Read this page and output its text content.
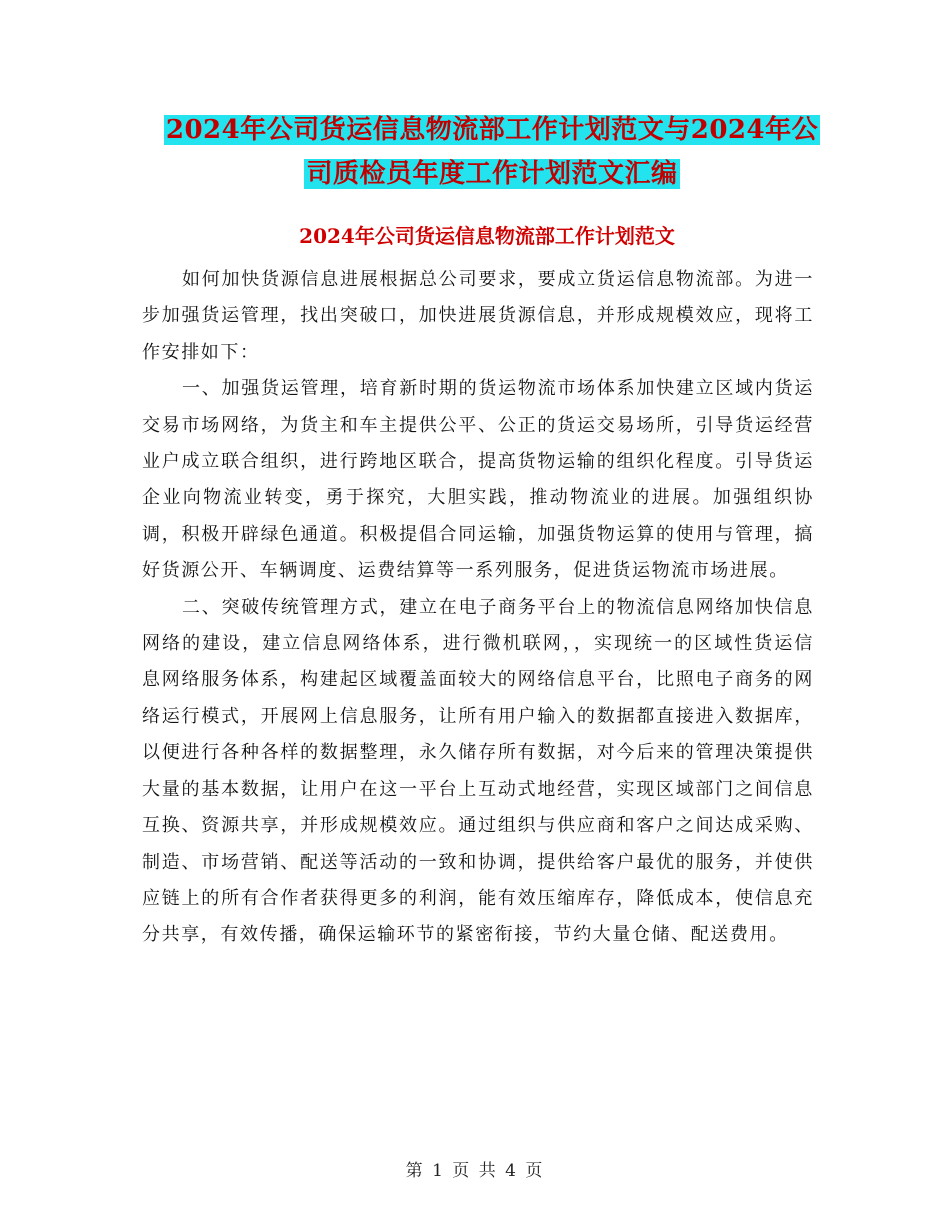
2024年公司货运信息物流部工作计划范文与2024年公
司质检员年度工作计划范文汇编
2024年公司货运信息物流部工作计划范文

如何加快货源信息进展根据总公司要求，要成立货运信息物流部。为进一步加强货运管理，找出突破口，加快进展货源信息，并形成规模效应，现将工作安排如下：

一、加强货运管理，培育新时期的货运物流市场体系加快建立区域内货运交易市场网络，为货主和车主提供公平、公正的货运交易场所，引导货运经营业户成立联合组织，进行跨地区联合，提高货物运输的组织化程度。引导货运企业向物流业转变，勇于探究，大胆实践，推动物流业的进展。加强组织协调，积极开辟绿色通道。积极提倡合同运输，加强货物运算的使用与管理，搞好货源公开、车辆调度、运费结算等一系列服务，促进货运物流市场进展。

二、突破传统管理方式，建立在电子商务平台上的物流信息网络加快信息网络的建设，建立信息网络体系，进行微机联网，，实现统一的区域性货运信息网络服务体系，构建起区域覆盖面较大的网络信息平台，比照电子商务的网络运行模式，开展网上信息服务，让所有用户输入的数据都直接进入数据库，以便进行各种各样的数据整理，永久储存所有数据，对今后来的管理决策提供大量的基本数据，让用户在这一平台上互动式地经营，实现区域部门之间信息互换、资源共享，并形成规模效应。通过组织与供应商和客户之间达成采购、制造、市场营销、配送等活动的一致和协调，提供给客户最优的服务，并使供应链上的所有合作者获得更多的利润，能有效压缩库存，降低成本，使信息充分共享，有效传播，确保运输环节的紧密衔接，节约大量仓储、配送费用。

第 1 页 共 4 页
